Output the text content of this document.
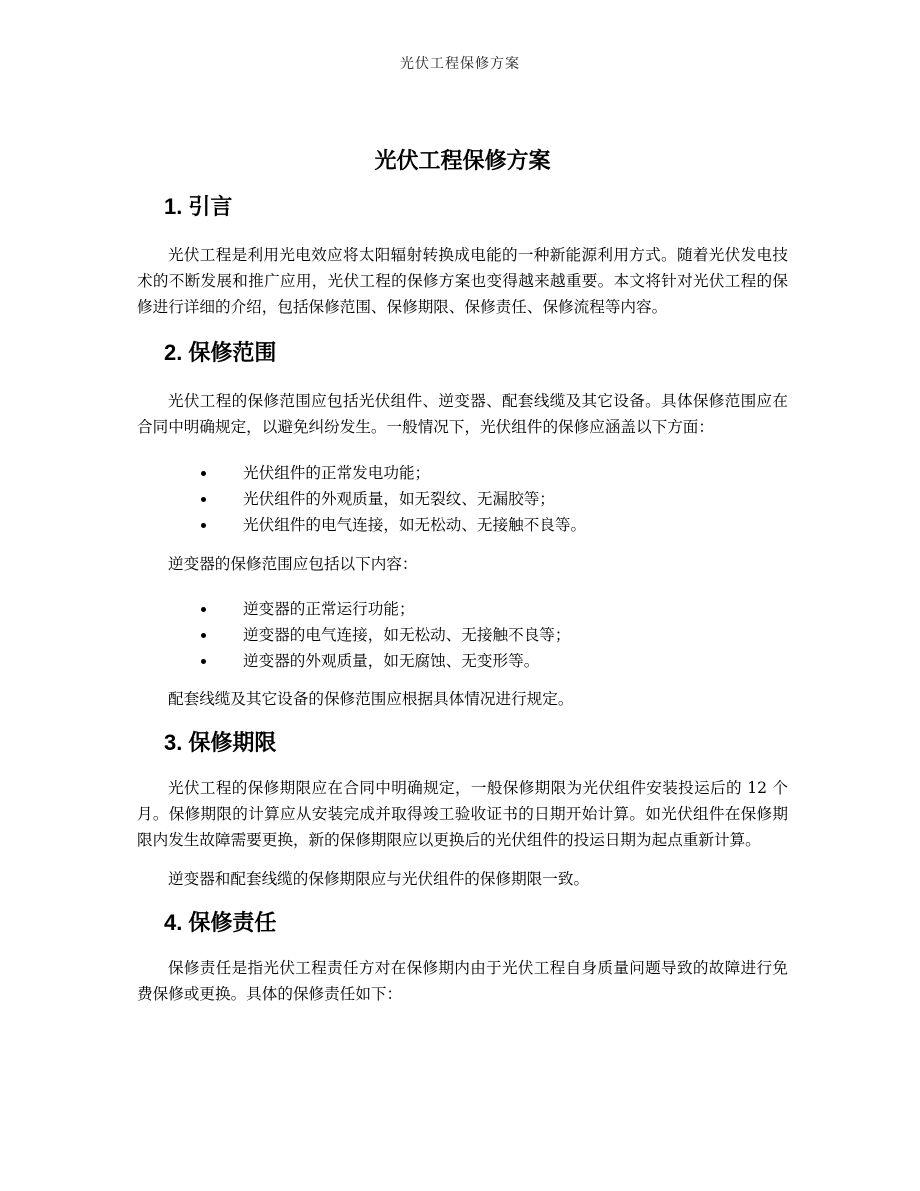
光伏工程保修方案
光伏工程保修方案
1. 引言

光伏工程是利用光电效应将太阳辐射转换成电能的一种新能源利用方式。随着光伏发电技术的不断发展和推广应用，光伏工程的保修方案也变得越来越重要。本文将针对光伏工程的保修进行详细的介绍，包括保修范围、保修期限、保修责任、保修流程等内容。

2. 保修范围

光伏工程的保修范围应包括光伏组件、逆变器、配套线缆及其它设备。具体保修范围应在合同中明确规定，以避免纠纷发生。一般情况下，光伏组件的保修应涵盖以下方面：

光伏组件的正常发电功能；
光伏组件的外观质量，如无裂纹、无漏胶等；
光伏组件的电气连接，如无松动、无接触不良等。

逆变器的保修范围应包括以下内容：

逆变器的正常运行功能；
逆变器的电气连接，如无松动、无接触不良等；
逆变器的外观质量，如无腐蚀、无变形等。

配套线缆及其它设备的保修范围应根据具体情况进行规定。

3. 保修期限

光伏工程的保修期限应在合同中明确规定，一般保修期限为光伏组件安装投运后的 12 个月。保修期限的计算应从安装完成并取得竣工验收证书的日期开始计算。如光伏组件在保修期限内发生故障需要更换，新的保修期限应以更换后的光伏组件的投运日期为起点重新计算。

逆变器和配套线缆的保修期限应与光伏组件的保修期限一致。

4. 保修责任

保修责任是指光伏工程责任方对在保修期内由于光伏工程自身质量问题导致的故障进行免费保修或更换。具体的保修责任如下：
